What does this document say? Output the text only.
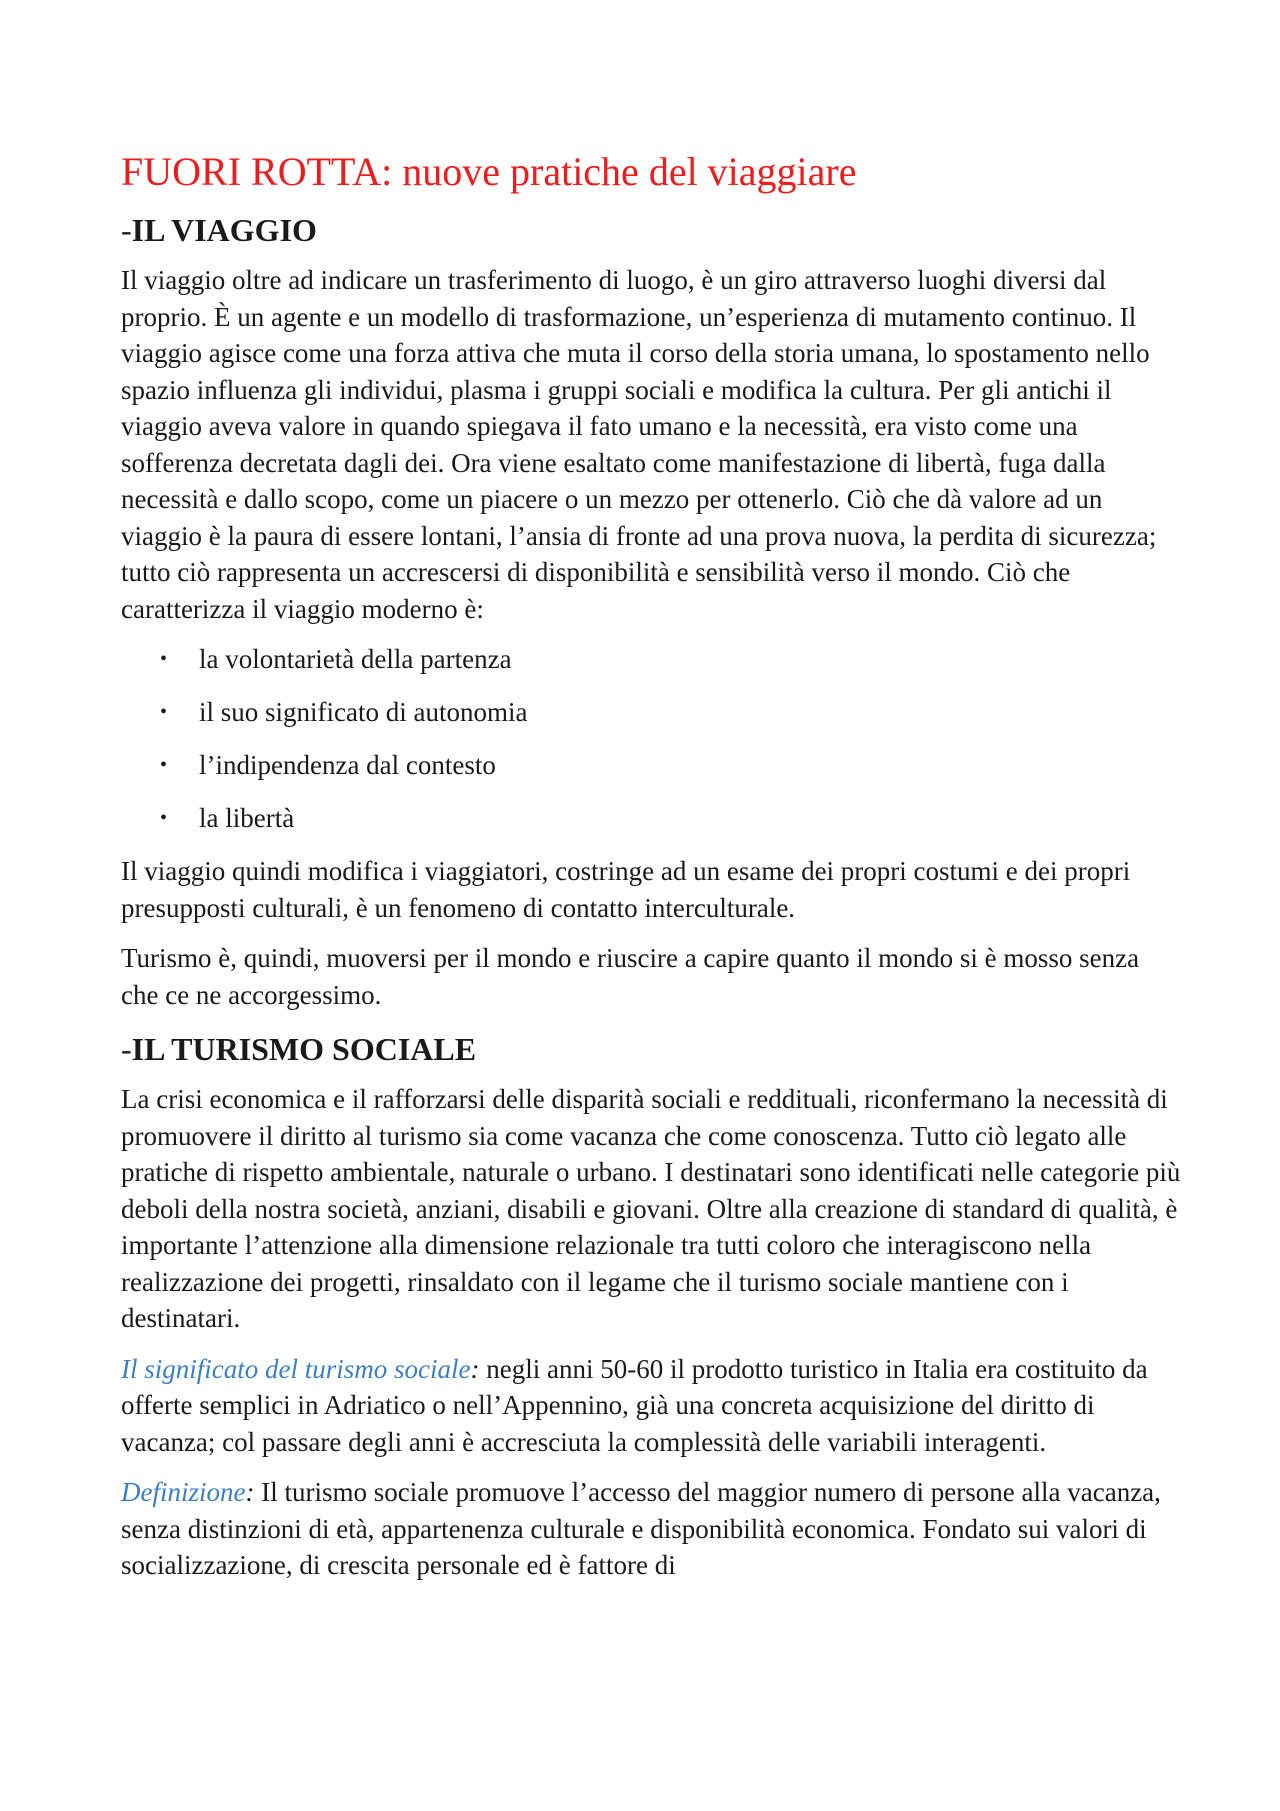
FUORI ROTTA: nuove pratiche del viaggiare
-IL VIAGGIO

Il viaggio oltre ad indicare un trasferimento di luogo, è un giro attraverso luoghi diversi dal proprio. È un agente e un modello di trasformazione, un’esperienza di mutamento continuo. Il viaggio agisce come una forza attiva che muta il corso della storia umana, lo spostamento nello spazio influenza gli individui, plasma i gruppi sociali e modifica la cultura. Per gli antichi il viaggio aveva valore in quando spiegava il fato umano e la necessità, era visto come una sofferenza decretata dagli dei. Ora viene esaltato come manifestazione di libertà, fuga dalla necessità e dallo scopo, come un piacere o un mezzo per ottenerlo. Ciò che dà valore ad un viaggio è la paura di essere lontani, l’ansia di fronte ad una prova nuova, la perdita di sicurezza; tutto ciò rappresenta un accrescersi di disponibilità e sensibilità verso il mondo. Ciò che caratterizza il viaggio moderno è:

• la volontarietà della partenza
• il suo significato di autonomia
• l’indipendenza dal contesto
• la libertà

Il viaggio quindi modifica i viaggiatori, costringe ad un esame dei propri costumi e dei propri presupposti culturali, è un fenomeno di contatto interculturale.

Turismo è, quindi, muoversi per il mondo e riuscire a capire quanto il mondo si è mosso senza che ce ne accorgessimo.

-IL TURISMO SOCIALE

La crisi economica e il rafforzarsi delle disparità sociali e reddituali, riconfermano la necessità di promuovere il diritto al turismo sia come vacanza che come conoscenza. Tutto ciò legato alle pratiche di rispetto ambientale, naturale o urbano. I destinatari sono identificati nelle categorie più deboli della nostra società, anziani, disabili e giovani. Oltre alla creazione di standard di qualità, è importante l’attenzione alla dimensione relazionale tra tutti coloro che interagiscono nella realizzazione dei progetti, rinsaldato con il legame che il turismo sociale mantiene con i destinatari.

Il significato del turismo sociale: negli anni 50-60 il prodotto turistico in Italia era costituito da offerte semplici in Adriatico o nell’Appennino, già una concreta acquisizione del diritto di vacanza; col passare degli anni è accresciuta la complessità delle variabili interagenti.

Definizione: Il turismo sociale promuove l’accesso del maggior numero di persone alla vacanza, senza distinzioni di età, appartenenza culturale e disponibilità economica. Fondato sui valori di socializzazione, di crescita personale ed è fattore di
